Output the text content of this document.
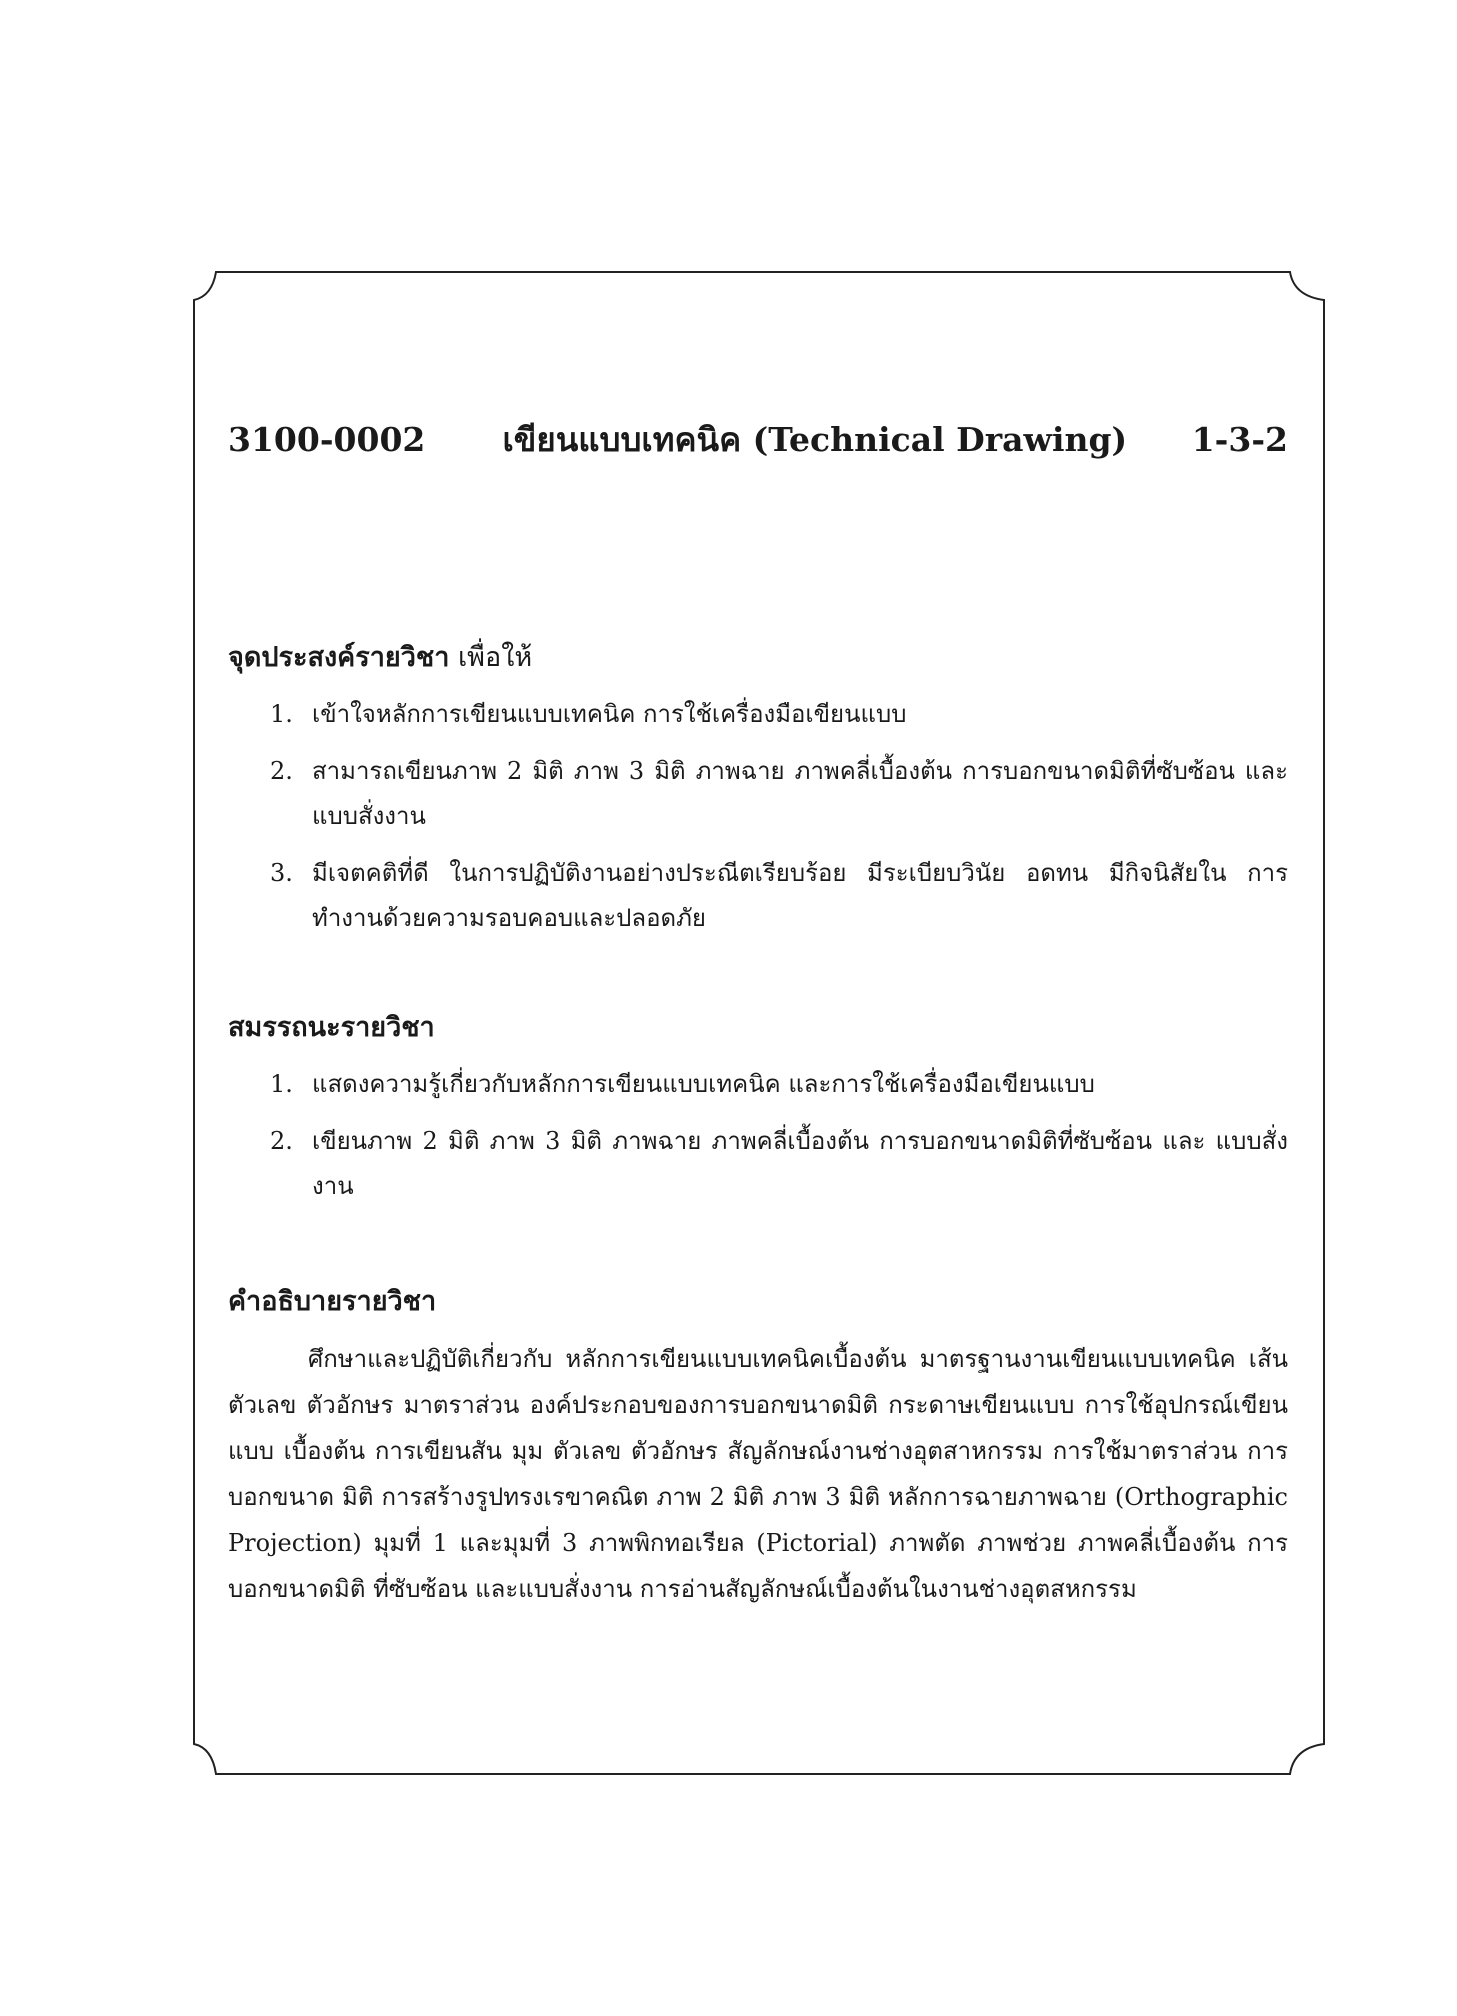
3100-0002	เขียนแบบเทคนิค (Technical Drawing)	1-3-2
จุดประสงค์รายวิชา เพื่อให้
1. เข้าใจหลักการเขียนแบบเทคนิค การใช้เครื่องมือเขียนแบบ
2. สามารถเขียนภาพ 2 มิติ ภาพ 3 มิติ ภาพฉาย ภาพคลี่เบื้องต้น การบอกขนาดมิติที่ซับซ้อน และแบบสั่งงาน
3. มีเจตคติที่ดี ในการปฏิบัติงานอย่างประณีตเรียบร้อย มีระเบียบวินัย อดทน มีกิจนิสัยใน การทำงานด้วยความรอบคอบและปลอดภัย
สมรรถนะรายวิชา
1. แสดงความรู้เกี่ยวกับหลักการเขียนแบบเทคนิค และการใช้เครื่องมือเขียนแบบ
2. เขียนภาพ 2 มิติ ภาพ 3 มิติ ภาพฉาย ภาพคลี่เบื้องต้น การบอกขนาดมิติที่ซับซ้อน และ แบบสั่งงาน
คำอธิบายรายวิชา

ศึกษาและปฏิบัติเกี่ยวกับ หลักการเขียนแบบเทคนิคเบื้องต้น มาตรฐานงานเขียนแบบเทคนิค เส้น ตัวเลข ตัวอักษร มาตราส่วน องค์ประกอบของการบอกขนาดมิติ กระดาษเขียนแบบ การใช้อุปกรณ์เขียนแบบ เบื้องต้น การเขียนสัน มุม ตัวเลข ตัวอักษร สัญลักษณ์งานช่างอุตสาหกรรม การใช้มาตราส่วน การบอกขนาด มิติ การสร้างรูปทรงเรขาคณิต ภาพ 2 มิติ ภาพ 3 มิติ หลักการฉายภาพฉาย (Orthographic Projection) มุมที่ 1 และมุมที่ 3 ภาพพิกทอเรียล (Pictorial) ภาพตัด ภาพช่วย ภาพคลี่เบื้องต้น การบอกขนาดมิติ ที่ซับซ้อน และแบบสั่งงาน การอ่านสัญลักษณ์เบื้องต้นในงานช่างอุตสหกรรม
